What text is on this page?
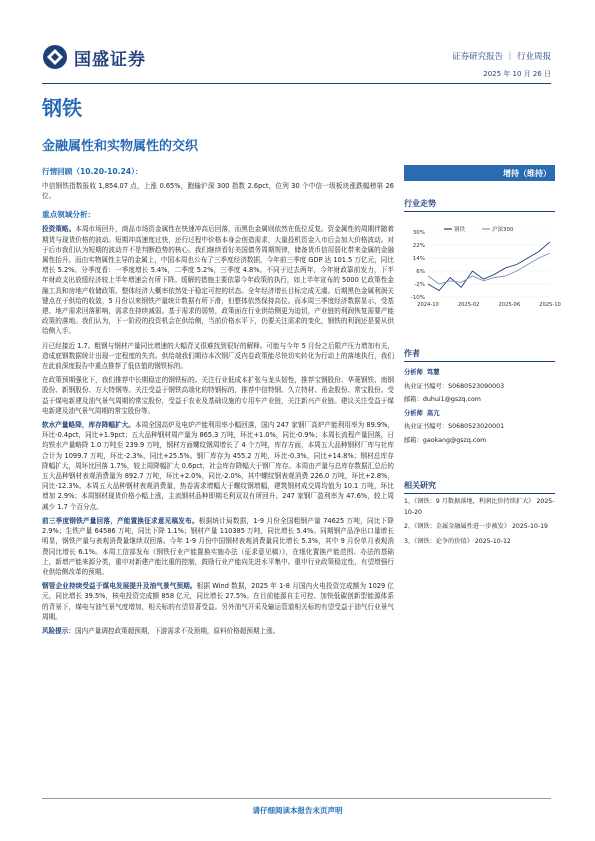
国盛证券	证券研究报告 ｜ 行业周报
2025 年 10 月 26 日
钢铁
金融属性和实物属性的交织
行情回顾（10.20-10.24）：
中信钢铁指数报收 1,854.07 点，上涨 0.65%，跑输沪深 300 指数 2.6pct，位列 30 个中信一级板块涨跌幅榜第 26 位。
重点领域分析：
投资策略。本周市场回升，商品市场资金属性在快速冲高后回落，而黑色金属则依然在低位反复。资金属性的周期伴随着期货与现货价格的波动。短期冲高速度过快，还行过程中价格本身会创造需求，大量投机资金入市后会加大价格波动。对于后市我们认为短期的波动并不是判断趋势的核心。我们继续看好美国债务周期规律，储备货币信用弱化带来金属的金融属性抬升。而由实物属性主导的金属上，中国本周也公布了三季度经济数据，今年前三季度 GDP 达 101.5 万亿元，同比增长 5.2%。分季度看：一季度增长 5.4%，二季度 5.2%，三季度 4.8%。不同于过去两年，今年财政靠前发力，下半年财政支出放缓经济较上半年增速会有所下降。缓解的措施主要依靠今年政策的执行，如上半年宣布的 5000 亿政策性金融工具和房地产收储政策。整体经济大概率依然处于稳定可控的状态。全年经济增长目标完成无虞。后期黑色金属利润关键点在于供给的收敛，5 月份以来钢铁产量统计数据有所下滑，但整体依然保持高位。而本周三季度经济数据显示，受基建、地产需求回落影响，需求在持续减弱。基于需求的弱势，政策面在行业供给侧更为迫切，产业链的利润恢复需要产能政策的落地。我们认为，下一阶段的投资机会在供给侧，当前价格水平下，仍要关注需求的变化，钢铁的利润还是要从供给侧入手。
月已经接近 1.7。粗钢与钢材产量同比增速的大幅背叉很难找到很好的解释。可能与今年 5 月份之后限产压力增加有关，造成底钢数据统计出现一定程度的失真。供给端我们期待本次钢厂反内卷政策能尽快切实转化为行动上的落地执行，我们在此前深度报告中重点推荐了低估值的钢铁标的。
在政策预期强化下，我们推荐中长期稳定的钢铁标的。关注行业低成本扩张与龙头韧性，推荐宝钢股份、华菱钢铁、南钢股份、新钢股份、方大特钢等。关注受益于钢铁高端化的特钢标的，推荐中信特钢、久立特材、甬金股份、常宝股份。受益于煤电新建及油气景气周期的常宝股份，受益于农业及基础设施的专用车产业链，关注新兴产业链。建议关注受益于煤电新建及油气景气周期的常宝股份等。
软水产量略降，库存降幅扩大。本周全国高炉及电炉产能利用率小幅回落，国内 247 家钢厂高炉产能利用率为 89.9%，环比-0.4pct，同比+1.9pct；五大品种钢材周产量为 865.3 万吨，环比+1.0%，同比-0.9%；本周长流程产量回落，日均铁水产量略降 1.0 万吨至 239.9 万吨，钢材方面螺纹钢周增长了 4 个万吨，库存方面，本周五大品种钢材厂库与社库合计为 1099.7 万吨，环比-2.3%，同比+25.5%。钢厂库存为 455.2 万吨，环比-0.3%，同比+14.8%；钢材总库存降幅扩大，周环比回落 1.7%，较上周降幅扩大 0.6pct，社会库存降幅大于钢厂库存。本周由产量与总库存数据汇总后的五大品种钢材表观消费量为 892.7 万吨，环比+2.0%，同比-2.0%，其中螺纹钢表观消费 226.0 万吨，环比+2.8%，同比-12.3%。本周五大品种钢材表观消费量，热卷需求增幅大于螺纹钢增幅，建筑钢材成交周均值为 10.1 万吨，环比增加 2.9%；本周钢材现货价格小幅上涨，主流钢材品种即期毛利双双有所回升。247 家钢厂盈利率为 47.6%，较上周减少 1.7 个百分点。
前三季度钢铁产量回落，产能置换征求意见稿发布。根据统计局数据，1-9 月份全国粗钢产量 74625 万吨，同比下降 2.9%；生铁产量 64586 万吨，同比下降 1.1%；钢材产量 110385 万吨，同比增长 5.4%。同期钢产品净出口量增长明显，钢铁产量与表观消费量继续双回落。今年 1-9 月份中国钢材表观消费量同比增长 5.3%，其中 9 月份单月表观消费同比增长 6.1%。本周工信部发布《钢铁行业产能置换实施办法（征求意见稿）》，在细化置换产能范围、办法的基础上，新增产能来源分类，重申对新建产能比重的控制，鼓励行业产能向先进水平集中。重申行业政策稳定性，有望增强行业供给侧改革的预期。
钢管企业持续受益于煤电发展提升及油气景气预期。根据 Wind 数据，2025 年 1-8 月国内火电投资完成额为 1029 亿元，同比增长 39.5%，核电投资完成额 858 亿元，同比增长 27.5%。在目前能源自主可控、加快低碳创新型能源体系的背景下，煤电与油气景气度增加，相关标的有望显著受益。另外油气开采及输运管道相关标的有望受益于油气行业景气周期。
风险提示：国内产量调控政策超预期，下游需求不及预期，原料价格超预期上涨。
增持（维持）
行业走势
30%
22%
14%
6%
-2%
-10%
2024-10	2025-02	2025-06	2025-10
钢铁	沪深300
作者
分析师 笃慧
执业证书编号：S0680523090003
邮箱：duhui1@gszq.com
分析师 高亢
执业证书编号：S0680523020001
邮箱：gaokang@gszq.com
相关研究
1、《钢铁：9 月数据落地，利润比价持续扩大》 2025-10-20
2、《钢铁：金属金融属性进一步被发》 2025-10-19
3、《钢铁：论争的价值》 2025-10-12
请仔细阅读本报告末页声明
